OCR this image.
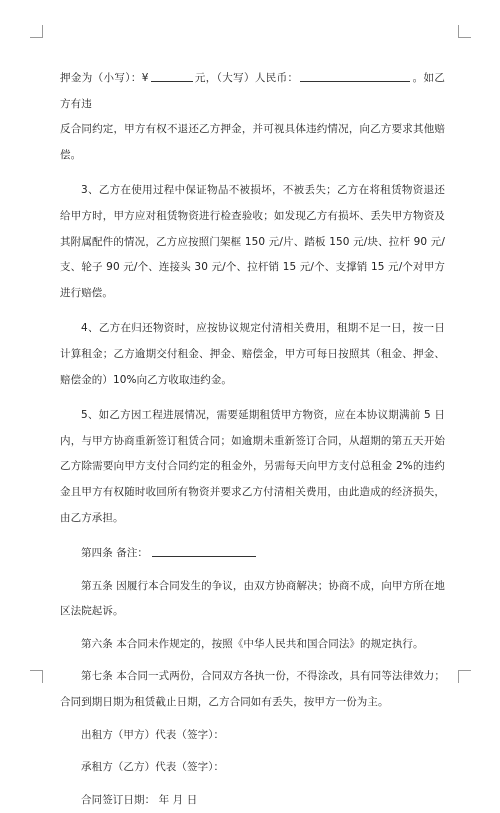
押金为（小写）：¥	元，（大写）人民币：	。如乙方有违

反合同约定，甲方有权不退还乙方押金，并可视具体违约情况，向乙方要求其他赔偿。

3、乙方在使用过程中保证物品不被损坏，不被丢失；乙方在将租赁物资退还给甲方时，甲方应对租赁物资进行检查验收；如发现乙方有损坏、丢失甲方物资及其附属配件的情况，乙方应按照门架框 150 元/片、踏板 150 元/块、拉杆 90 元/支、轮子 90 元/个、连接头 30 元/个、拉杆销 15 元/个、支撑销 15 元/个对甲方进行赔偿。

4、乙方在归还物资时，应按协议规定付清相关费用，租期不足一日，按一日计算租金；乙方逾期交付租金、押金、赔偿金，甲方可每日按照其（租金、押金、赔偿金的）10%向乙方收取违约金。

5、如乙方因工程进展情况，需要延期租赁甲方物资，应在本协议期满前 5 日内，与甲方协商重新签订租赁合同；如逾期未重新签订合同，从超期的第五天开始乙方除需要向甲方支付合同约定的租金外，另需每天向甲方支付总租金 2%的违约金且甲方有权随时收回所有物资并要求乙方付清相关费用，由此造成的经济损失，由乙方承担。

第四条 备注：

第五条 因履行本合同发生的争议，由双方协商解决；协商不成，向甲方所在地区法院起诉。

第六条 本合同未作规定的，按照《中华人民共和国合同法》的规定执行。

第七条 本合同一式两份，合同双方各执一份，不得涂改，具有同等法律效力；合同到期日期为租赁截止日期，乙方合同如有丢失，按甲方一份为主。

出租方（甲方）代表（签字）：

承租方（乙方）代表（签字）：

合同签订日期： 年 月 日
